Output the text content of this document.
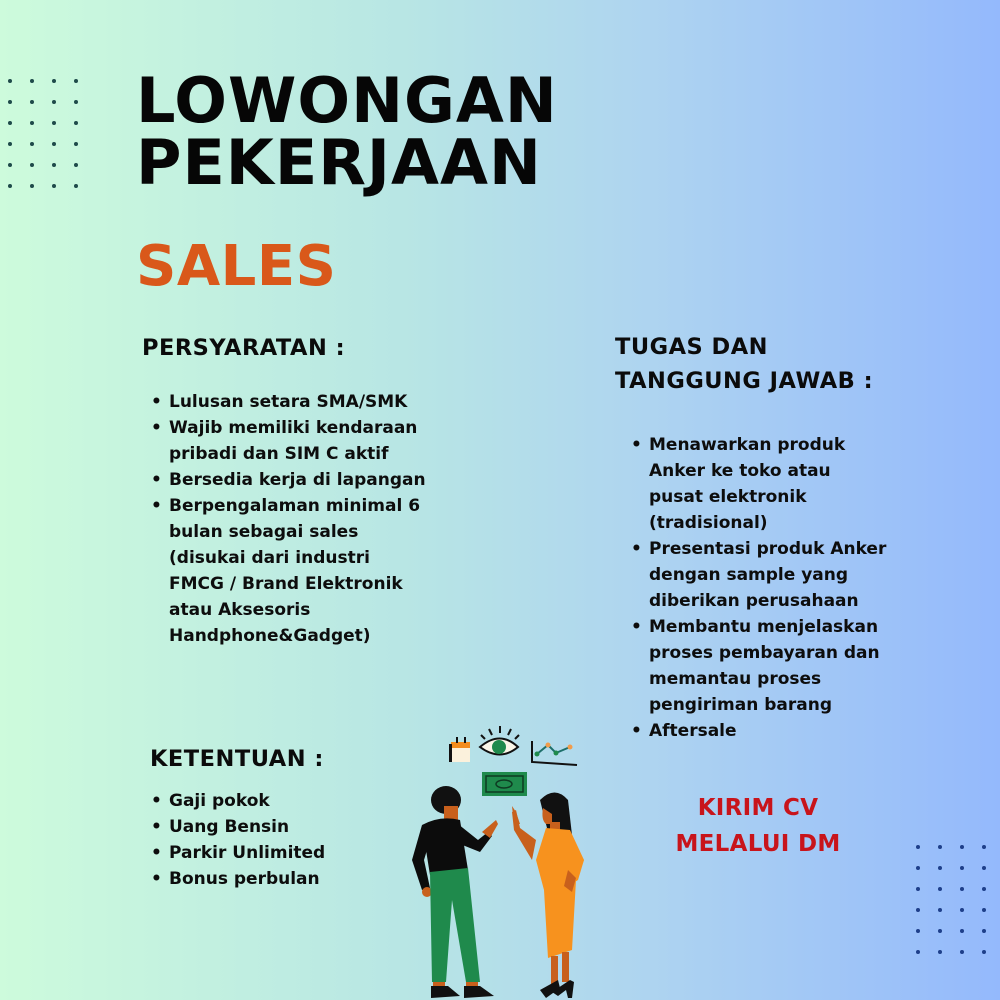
LOWONGAN
PEKERJAAN
SALES
PERSYARATAN :
• Lulusan setara SMA/SMK
• Wajib memiliki kendaraan pribadi dan SIM C aktif
• Bersedia kerja di lapangan
• Berpengalaman minimal 6 bulan sebagai sales (disukai dari industri FMCG / Brand Elektronik atau Aksesoris Handphone&Gadget)
TUGAS DAN
TANGGUNG JAWAB :
• Menawarkan produk Anker ke toko atau pusat elektronik (tradisional)
• Presentasi produk Anker dengan sample yang diberikan perusahaan
• Membantu menjelaskan proses pembayaran dan memantau proses pengiriman barang
• Aftersale
KETENTUAN :
• Gaji pokok
• Uang Bensin
• Parkir Unlimited
• Bonus perbulan
KIRIM CV
MELALUI DM
